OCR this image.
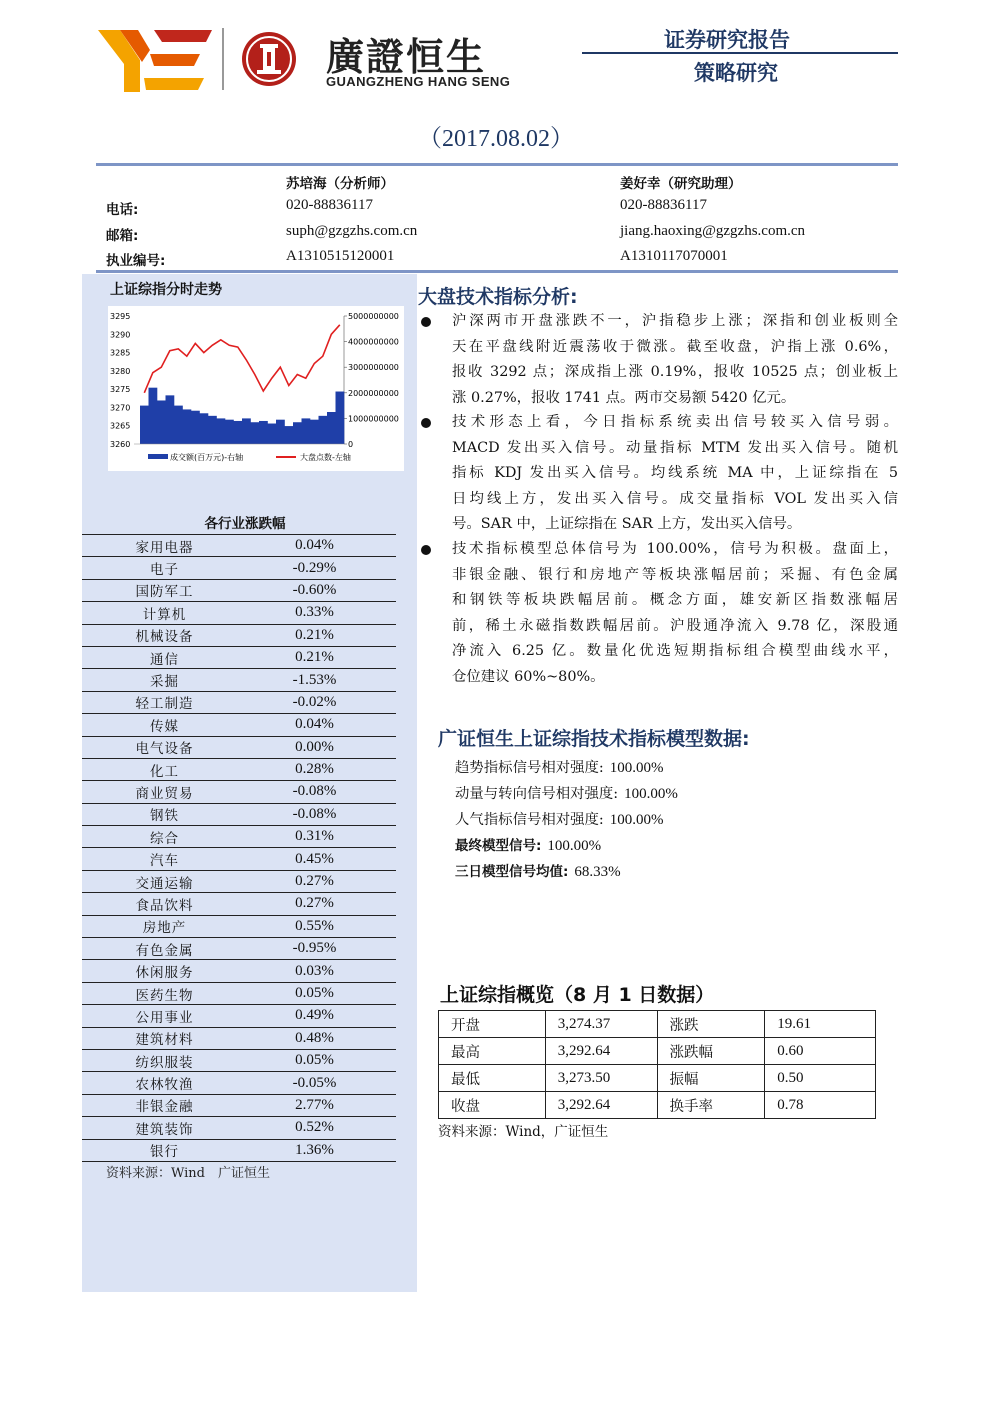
廣證恒生
GUANGZHENG HANG SENG
证券研究报告
策略研究
（2017.08.02）
苏培海（分析师）	姜好幸（研究助理）
电话:	020-88836117	020-88836117
邮箱:	suph@gzgzhs.com.cn	jiang.haoxing@gzgzhs.com.cn
执业编号:	A1310515120001	A1310117070001
上证综指分时走势
3295
3290
3285
3280
3275
3270
3265
3260
5000000000
4000000000
3000000000
2000000000
1000000000
0
成交额(百万元)-右轴	大盘点数-左轴
各行业涨跌幅
家用电器	0.04%
电子	-0.29%
国防军工	-0.60%
计算机	0.33%
机械设备	0.21%
通信	0.21%
采掘	-1.53%
轻工制造	-0.02%
传媒	0.04%
电气设备	0.00%
化工	0.28%
商业贸易	-0.08%
钢铁	-0.08%
综合	0.31%
汽车	0.45%
交通运输	0.27%
食品饮料	0.27%
房地产	0.55%
有色金属	-0.95%
休闲服务	0.03%
医药生物	0.05%
公用事业	0.49%
建筑材料	0.48%
纺织服装	0.05%
农林牧渔	-0.05%
非银金融	2.77%
建筑装饰	0.52%
银行	1.36%
资料来源：Wind　广证恒生
大盘技术指标分析:
沪深两市开盘涨跌不一，沪指稳步上涨；深指和创业板则全
天在平盘线附近震荡收于微涨。截至收盘，沪指上涨 0.6%，
报收 3292 点；深成指上涨 0.19%，报收 10525 点；创业板上
涨 0.27%，报收 1741 点。两市交易额 5420 亿元。
技术形态上看，今日指标系统卖出信号较买入信号弱。
MACD 发出买入信号。动量指标 MTM 发出买入信号。随机
指标 KDJ 发出买入信号。均线系统 MA 中，上证综指在 5
日均线上方，发出买入信号。成交量指标 VOL 发出买入信
号。SAR 中，上证综指在 SAR 上方，发出买入信号。
技术指标模型总体信号为 100.00%，信号为积极。盘面上，
非银金融、银行和房地产等板块涨幅居前；采掘、有色金属
和钢铁等板块跌幅居前。概念方面，雄安新区指数涨幅居
前，稀土永磁指数跌幅居前。沪股通净流入 9.78 亿，深股通
净流入 6.25 亿。数量化优选短期指标组合模型曲线水平，
仓位建议 60%~80%。
广证恒生上证综指技术指标模型数据:
趋势指标信号相对强度: 100.00%
动量与转向信号相对强度: 100.00%
人气指标信号相对强度: 100.00%
最终模型信号: 100.00%
三日模型信号均值: 68.33%
上证综指概览（8 月 1 日数据）
开盘	3,274.37	涨跌	19.61
最高	3,292.64	涨跌幅	0.60
最低	3,273.50	振幅	0.50
收盘	3,292.64	换手率	0.78
资料来源：Wind，广证恒生
